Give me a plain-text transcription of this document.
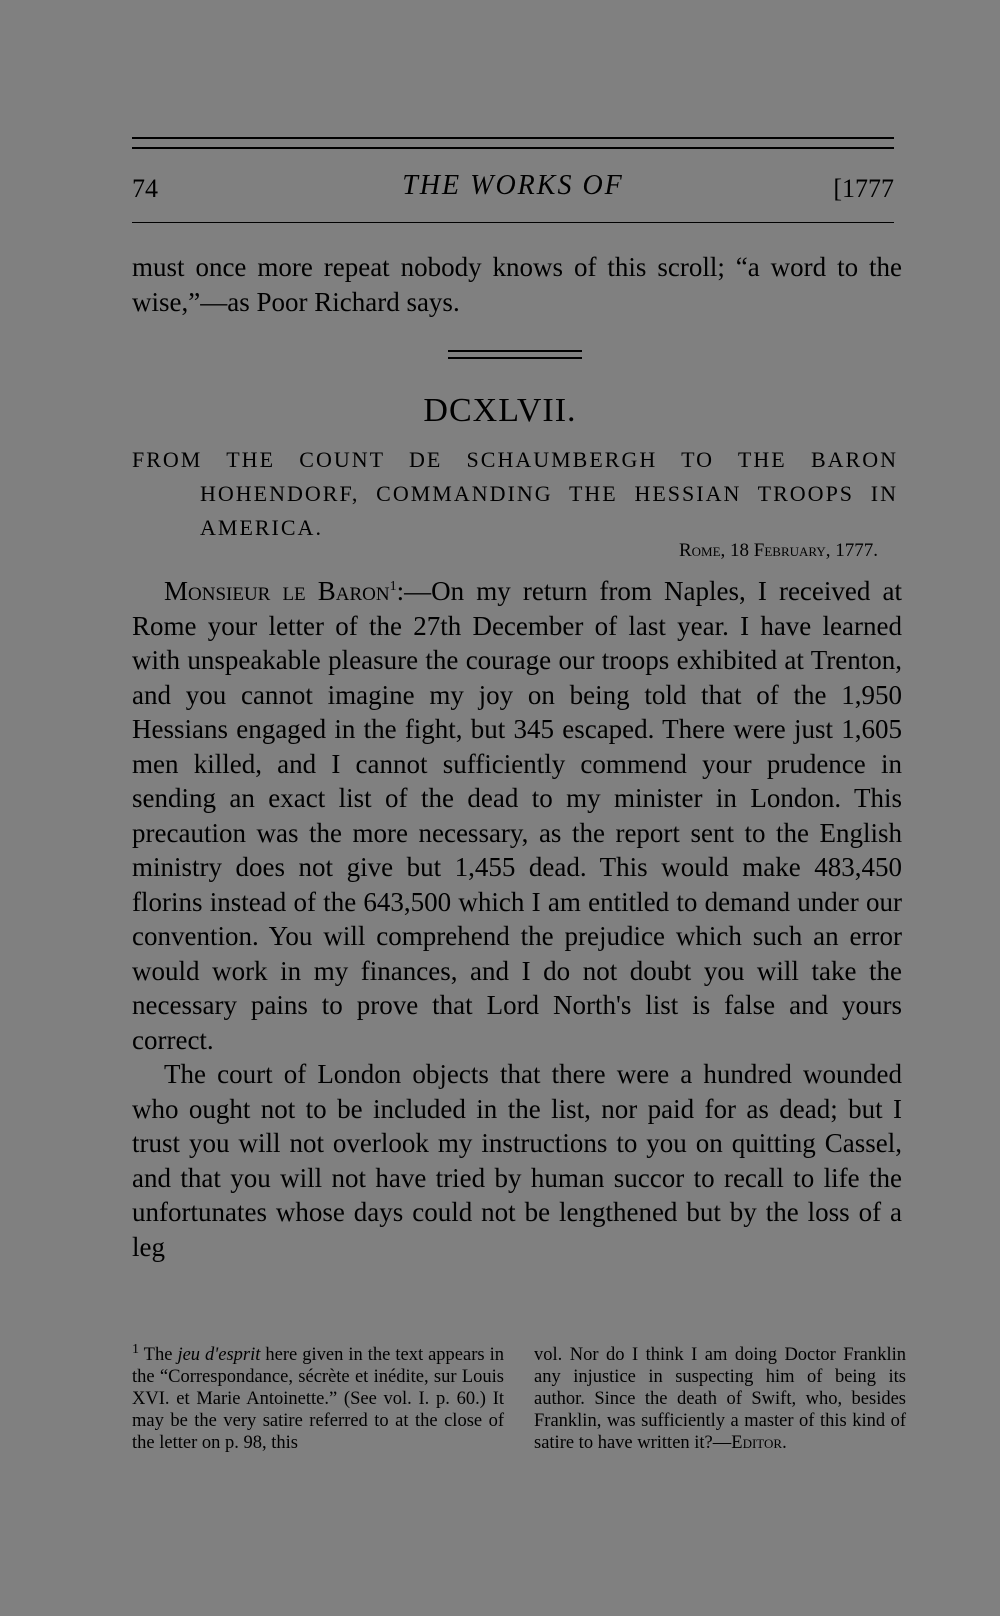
74	THE WORKS OF	[1777
must once more repeat nobody knows of this scroll; “a word to the wise,”—as Poor Richard says.
DCXLVII.
FROM THE COUNT DE SCHAUMBERGH TO THE BARON HOHENDORF, COMMANDING THE HESSIAN TROOPS IN AMERICA.
Rome, 18 February, 1777.

Monsieur le Baron$^1$:—On my return from Naples, I received at Rome your letter of the 27th December of last year. I have learned with unspeakable pleasure the courage our troops exhibited at Trenton, and you cannot imagine my joy on being told that of the 1,950 Hessians engaged in the fight, but 345 escaped. There were just 1,605 men killed, and I cannot sufficiently commend your prudence in sending an exact list of the dead to my minister in London. This precaution was the more necessary, as the report sent to the English ministry does not give but 1,455 dead. This would make 483,450 florins instead of the 643,500 which I am entitled to demand under our convention. You will comprehend the prejudice which such an error would work in my finances, and I do not doubt you will take the necessary pains to prove that Lord North's list is false and yours correct.

The court of London objects that there were a hundred wounded who ought not to be included in the list, nor paid for as dead; but I trust you will not overlook my instructions to you on quitting Cassel, and that you will not have tried by human succor to recall to life the unfortunates whose days could not be lengthened but by the loss of a leg

$^1$ The jeu d'esprit here given in the text appears in the “Correspondance, sécrète et inédite, sur Louis XVI. et Marie Antoinette.” (See vol. I. p. 60.) It may be the very satire referred to at the close of the letter on p. 98, this
vol. Nor do I think I am doing Doctor Franklin any injustice in suspecting him of being its author. Since the death of Swift, who, besides Franklin, was sufficiently a master of this kind of satire to have written it?—Editor.
